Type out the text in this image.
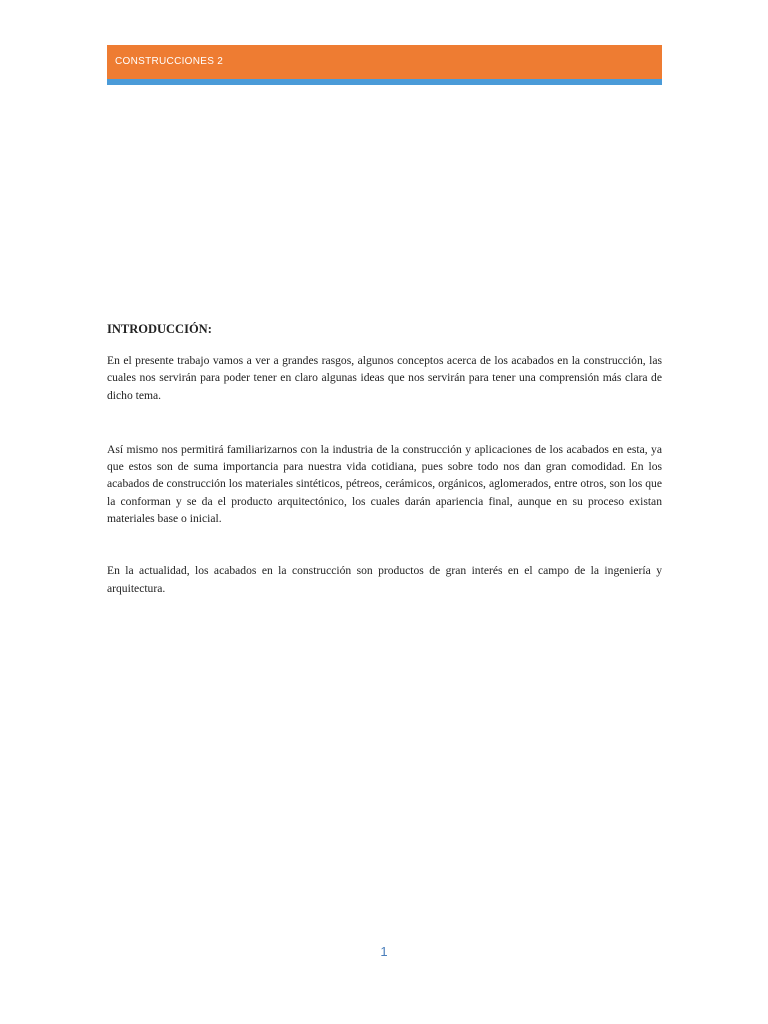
CONSTRUCCIONES 2
INTRODUCCIÓN:

En el presente trabajo vamos a ver a grandes rasgos, algunos conceptos acerca de los acabados en la construcción, las cuales nos servirán para poder tener en claro algunas ideas que nos servirán para tener una comprensión más clara de dicho tema.

Así mismo nos permitirá familiarizarnos con la industria de la construcción y aplicaciones de los acabados en esta, ya que estos son de suma importancia para nuestra vida cotidiana, pues sobre todo nos dan gran comodidad. En los acabados de construcción los materiales sintéticos, pétreos, cerámicos, orgánicos, aglomerados, entre otros, son los que la conforman y se da el producto arquitectónico, los cuales darán apariencia final, aunque en su proceso existan materiales base o inicial.

En la actualidad, los acabados en la construcción son productos de gran interés en el campo de la ingeniería y arquitectura.

1
